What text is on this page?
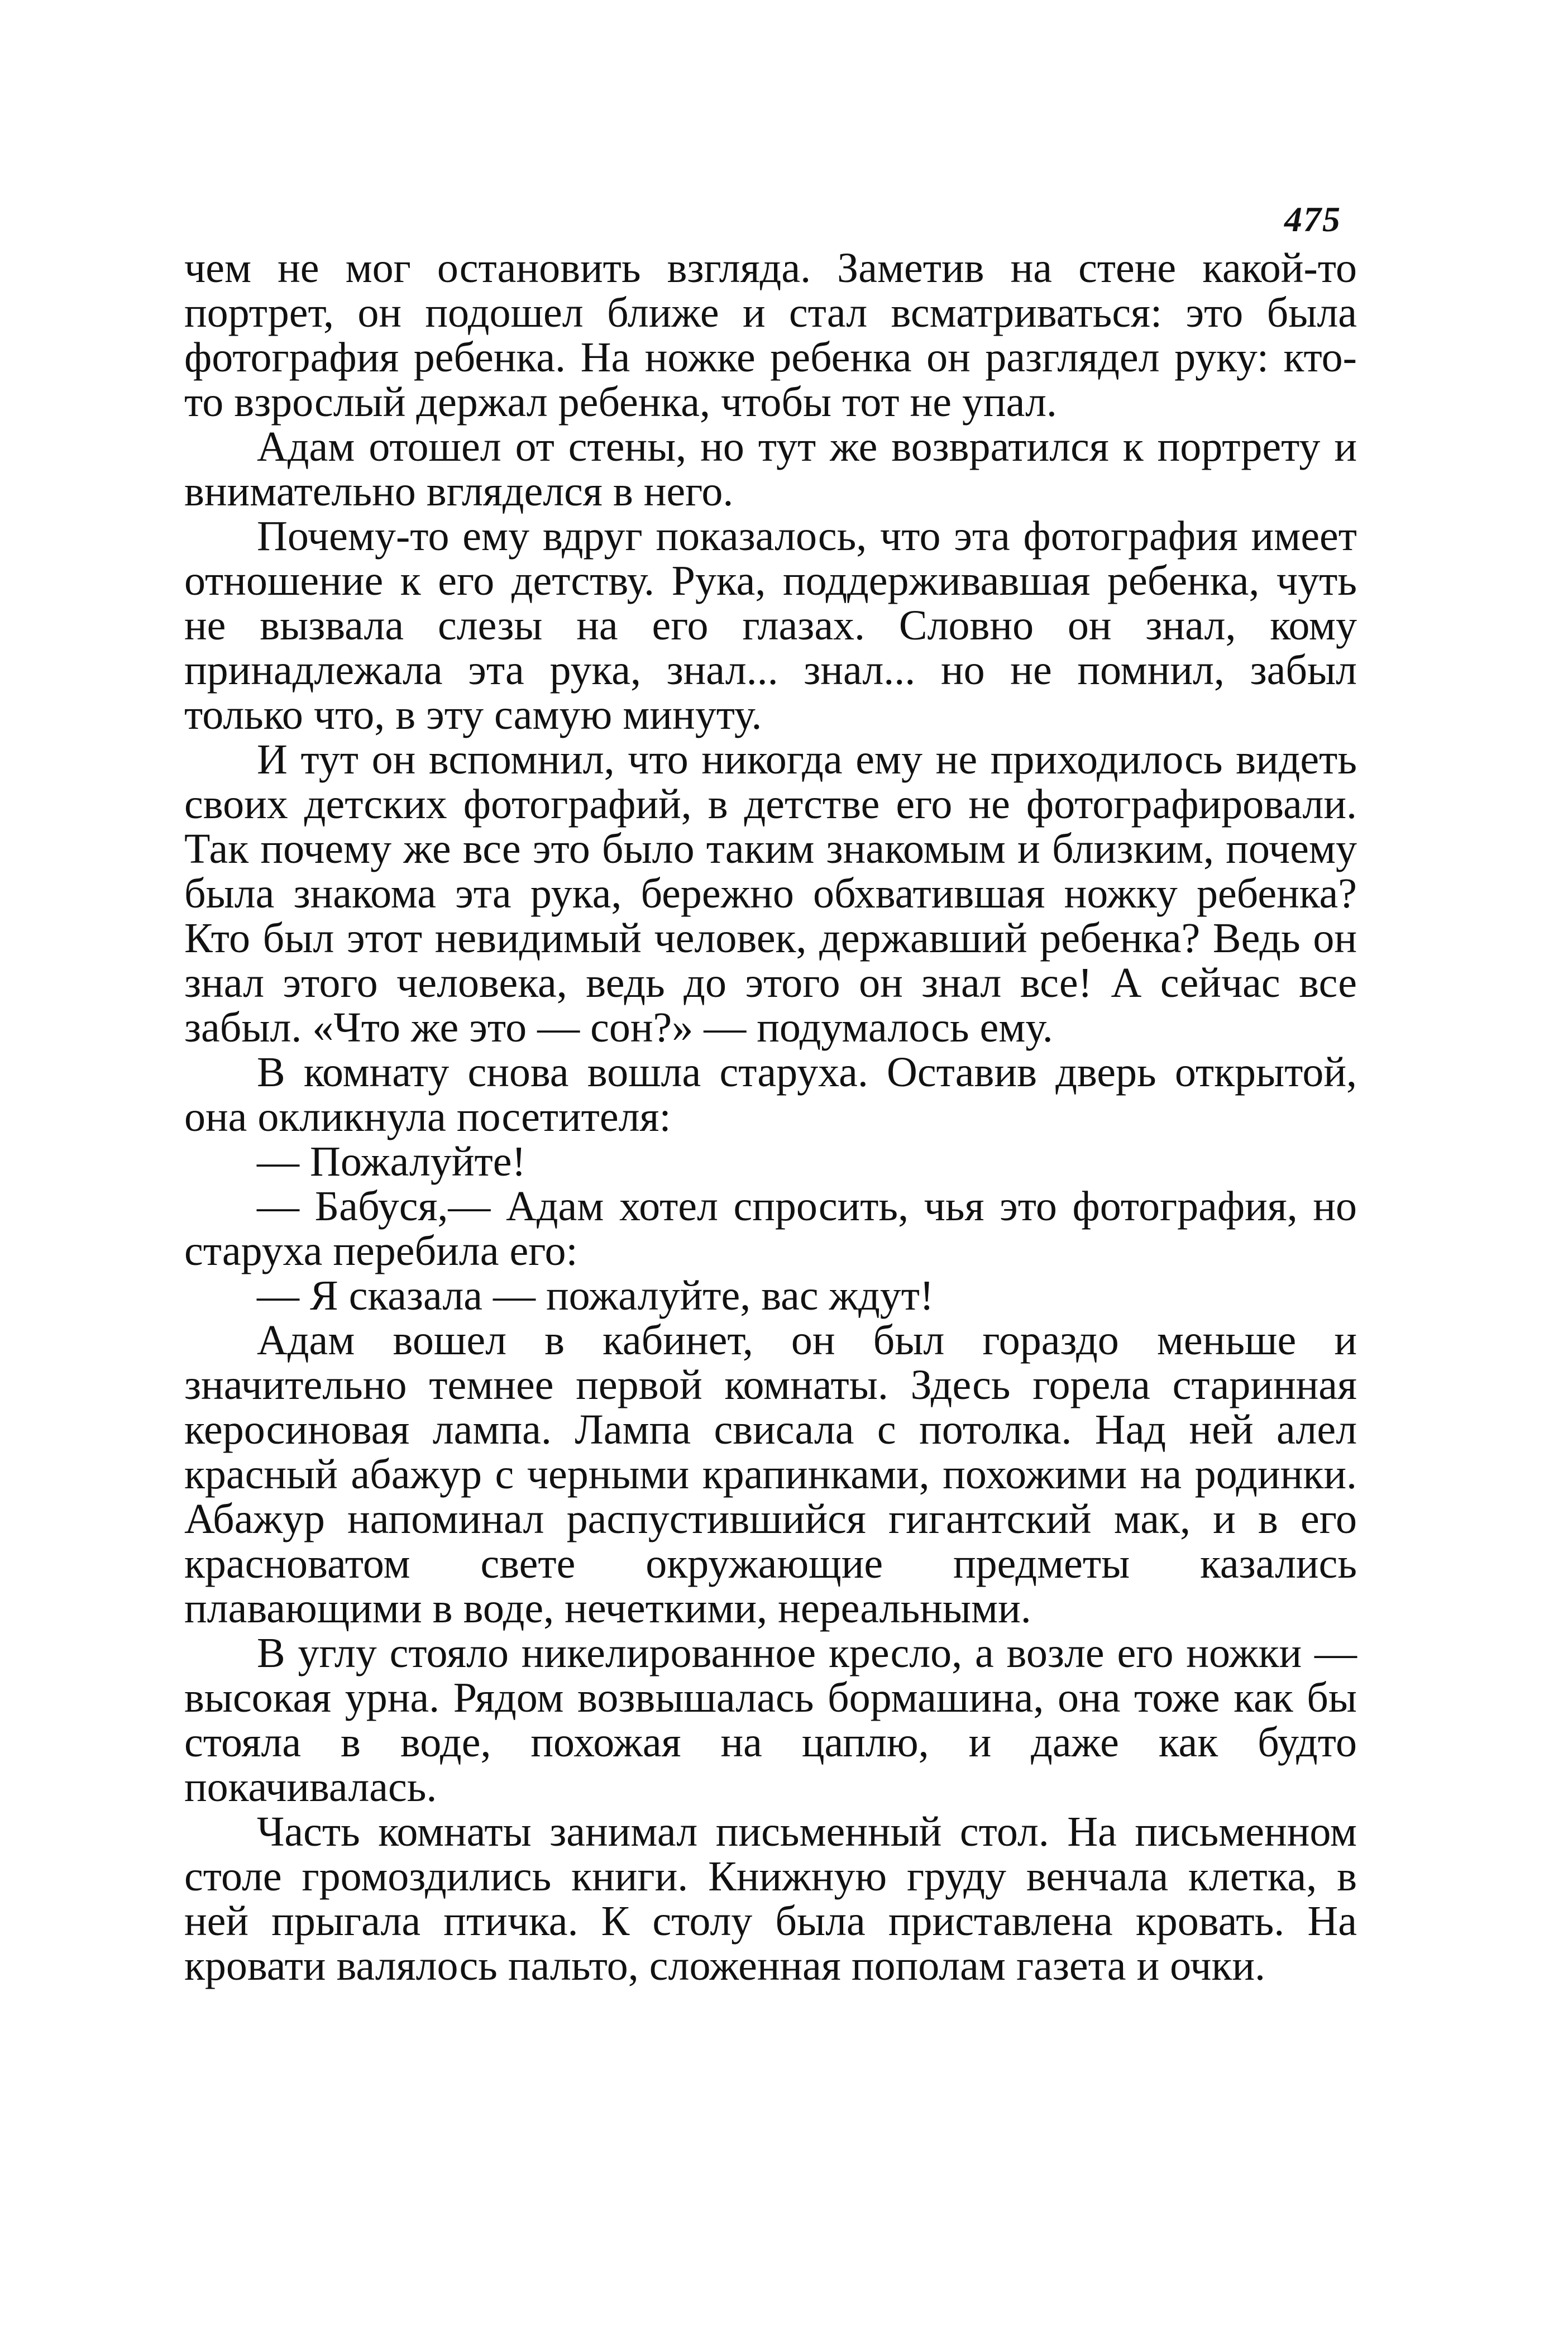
475

чем не мог остановить взгляда. Заметив на стене какой-то портрет, он подошел ближе и стал всматриваться: это была фотография ребенка. На ножке ребенка он разглядел руку: кто-то взрослый держал ребенка, чтобы тот не упал.

Адам отошел от стены, но тут же возвратился к портрету и внимательно вгляделся в него.

Почему-то ему вдруг показалось, что эта фотография имеет отношение к его детству. Рука, поддерживавшая ребенка, чуть не вызвала слезы на его глазах. Словно он знал, кому принадлежала эта рука, знал... знал... но не помнил, забыл только что, в эту самую минуту.

И тут он вспомнил, что никогда ему не приходилось видеть своих детских фотографий, в детстве его не фотографировали. Так почему же все это было таким знакомым и близким, почему была знакома эта рука, бережно обхватившая ножку ребенка? Кто был этот невидимый человек, державший ребенка? Ведь он знал этого человека, ведь до этого он знал все! А сейчас все забыл. «Что же это — сон?» — подумалось ему.

В комнату снова вошла старуха. Оставив дверь открытой, она окликнула посетителя:

— Пожалуйте!

— Бабуся,— Адам хотел спросить, чья это фотография, но старуха перебила его:

— Я сказала — пожалуйте, вас ждут!

Адам вошел в кабинет, он был гораздо меньше и значительно темнее первой комнаты. Здесь горела старинная керосиновая лампа. Лампа свисала с потолка. Над ней алел красный абажур с черными крапинками, похожими на родинки. Абажур напоминал распустившийся гигантский мак, и в его красноватом свете окружающие предметы казались плавающими в воде, нечеткими, нереальными.

В углу стояло никелированное кресло, а возле его ножки — высокая урна. Рядом возвышалась бормашина, она тоже как бы стояла в воде, похожая на цаплю, и даже как будто покачивалась.

Часть комнаты занимал письменный стол. На письменном столе громоздились книги. Книжную груду венчала клетка, в ней прыгала птичка. К столу была приставлена кровать. На кровати валялось пальто, сложенная пополам газета и очки.
